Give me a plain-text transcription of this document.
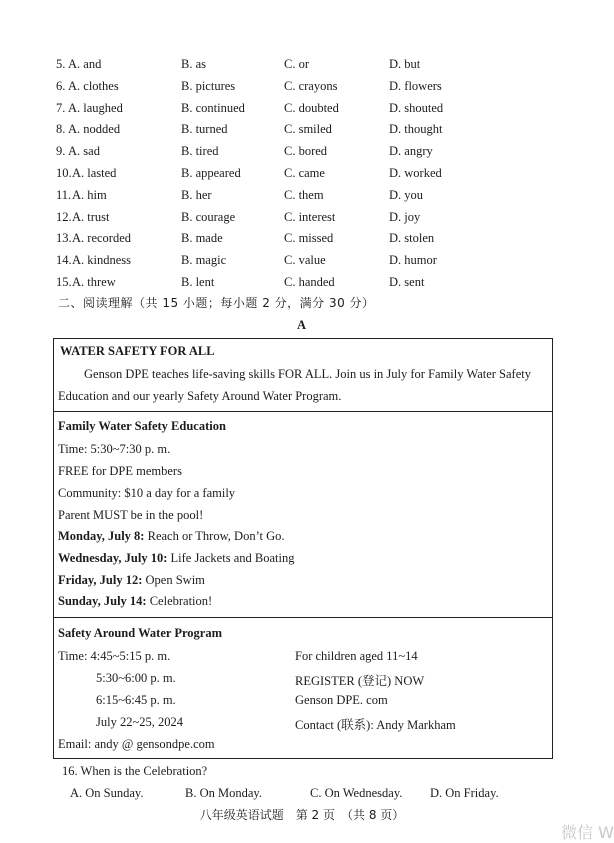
5. A. and	B. as	C. or	D. but
6. A. clothes	B. pictures	C. crayons	D. flowers
7. A. laughed	B. continued	C. doubted	D. shouted
8. A. nodded	B. turned	C. smiled	D. thought
9. A. sad	B. tired	C. bored	D. angry
10. A. lasted	B. appeared	C. came	D. worked
11. A. him	B. her	C. them	D. you
12. A. trust	B. courage	C. interest	D. joy
13. A. recorded	B. made	C. missed	D. stolen
14. A. kindness	B. magic	C. value	D. humor
15. A. threw	B. lent	C. handed	D. sent
二、阅读理解（共 15 小题；每小题 2 分，满分 30 分）
A
WATER SAFETY FOR ALL
Genson DPE teaches life-saving skills FOR ALL. Join us in July for Family Water Safety
Education and our yearly Safety Around Water Program.
Family Water Safety Education
Time: 5:30~7:30 p. m.
FREE for DPE members
Community: $10 a day for a family
Parent MUST be in the pool!
Monday, July 8: Reach or Throw, Don’t Go.
Wednesday, July 10: Life Jackets and Boating
Friday, July 12: Open Swim
Sunday, July 14: Celebration!
Safety Around Water Program
Time: 4:45~5:15 p. m.
5:30~6:00 p. m.
6:15~6:45 p. m.
July 22~25, 2024
Email: andy @ gensondpe.com
For children aged 11~14
REGISTER (登记) NOW
Genson DPE. com
Contact (联系): Andy Markham
16. When is the Celebration?
A. On Sunday.	B. On Monday.	C. On Wednesday. D. On Friday.
八年级英语试题　第 2 页　（共 8 页）
微信 W
